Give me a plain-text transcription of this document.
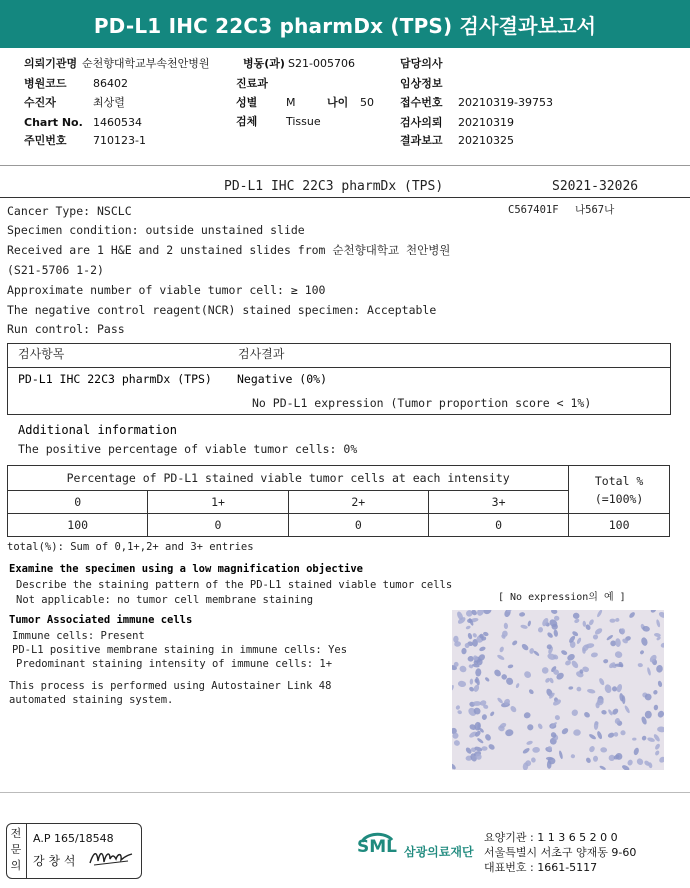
PD-L1 IHC 22C3 pharmDx (TPS) 검사결과보고서
의뢰기관명 순천향대학교부속천안병원	병동(과) S21-005706	담당의사
병원코드 86402	진료과	임상정보
수진자	최상렬	성별	M	나이 50 접수번호 20210319-39753
Chart No. 1460534	검체	Tissue	검사의뢰 20210319
주민번호 710123-1	결과보고 20210325
PD-L1 IHC 22C3 pharmDx (TPS)	S2021-32026
Cancer Type: NSCLC	C567401F 나567나
Specimen condition: outside unstained slide
Received are 1 H&E and 2 unstained slides from 순천향대학교 천안병원
(S21-5706 1-2)
Approximate number of viable tumor cell: ≥ 100
The negative control reagent(NCR) stained specimen: Acceptable
Run control: Pass
검사항목	검사결과
PD-L1 IHC 22C3 pharmDx (TPS) Negative (0%)
No PD-L1 expression (Tumor proportion score < 1%)
Additional information
The positive percentage of viable tumor cells: 0%
Percentage of PD-L1 stained viable tumor cells at each intensity				Total %
(=100%)
0	1+	2+	3+	
100	0	0	0	100
total(%): Sum of 0,1+,2+ and 3+ entries
Examine the specimen using a low magnification objective
Describe the staining pattern of the PD-L1 stained viable tumor cells
Not applicable: no tumor cell membrane staining	[ No expression의 예 ]
Tumor Associated immune cells
Immune cells: Present
PD-L1 positive membrane staining in immune cells: Yes
Predominant staining intensity of immune cells: 1+
This process is performed using Autostainer Link 48
automated staining system.
전문의
A.P 165/18548
강 창 석
SML 삼광의료재단
요양기관 : 1 1 3 6 5 2 0 0
서울특별시 서초구 양재동 9-60
대표번호 : 1661-5117
